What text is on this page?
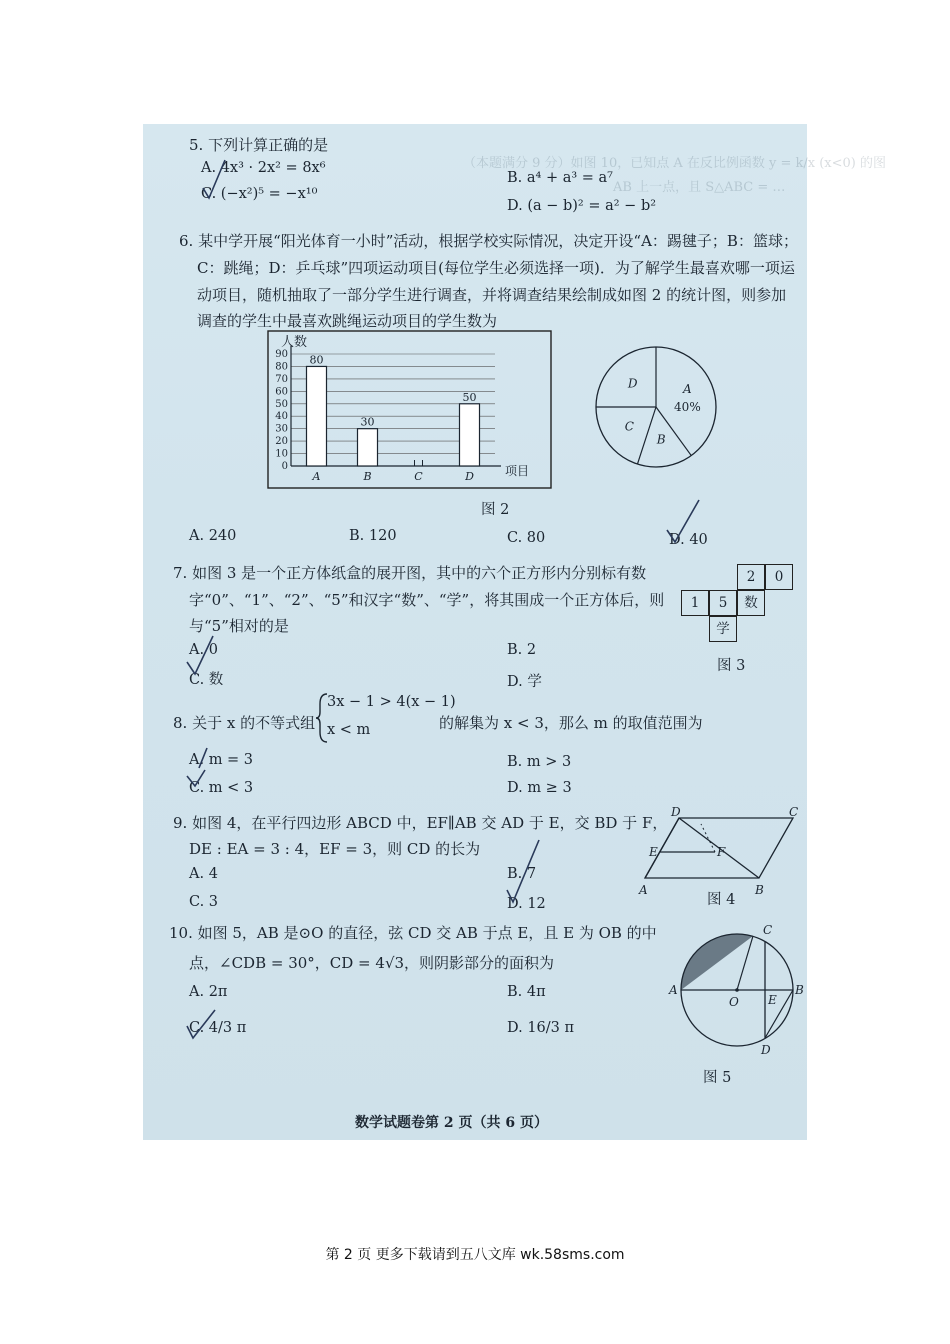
（本题满分 9 分）如图 10，已知点 A 在反比例函数 y = k/x (x<0) 的图
AB 上一点，且 S△ABC = …
5. 下列计算正确的是
A. 4x³ · 2x² = 8x⁶
B. a⁴ + a³ = a⁷
C. (−x²)⁵ = −x¹⁰
D. (a − b)² = a² − b²
6. 某中学开展“阳光体育一小时”活动，根据学校实际情况，决定开设“A：踢毽子；B：篮球；
C：跳绳；D：乒乓球”四项运动项目(每位学生必须选择一项)．为了解学生最喜欢哪一项运
动项目，随机抽取了一部分学生进行调查，并将调查结果绘制成如图 2 的统计图，则参加
调查的学生中最喜欢跳绳运动项目的学生数为
人数
项目
0
10
20
30
40
50
60
70
80
90 80
30
50
A	B	C	D
A
40%
B
C
D
图 2
A. 240	B. 120	C. 80	D. 40
7. 如图 3 是一个正方体纸盒的展开图，其中的六个正方形内分别标有数
字“0”、“1”、“2”、“5”和汉字“数”、“学”，将其围成一个正方体后，则
与“5”相对的是
A. 0	B. 2
C. 数	D. 学
2	0
1	5	数
学
图 3
8. 关于 x 的不等式组
3x − 1 > 4(x − 1)
x < m	的解集为 x < 3，那么 m 的取值范围为
A. m = 3	B. m > 3
C. m < 3	D. m ≥ 3
9. 如图 4，在平行四边形 ABCD 中，EF∥AB 交 AD 于 E，交 BD 于 F，
DE : EA = 3 : 4，EF = 3，则 CD 的长为
A. 4	B. 7
C. 3	D. 12
D	C
E	F
A	B
图 4
10. 如图 5，AB 是⊙O 的直径，弦 CD 交 AB 于点 E，且 E 为 OB 的中
点，∠CDB = 30°，CD = 4√3，则阴影部分的面积为
A. 2π	B. 4π
C. 4/3 π	D. 16/3 π
A	B
C
D
O E
图 5
数学试题卷第 2 页（共 6 页）
第 2 页 更多下载请到五八文库 wk.58sms.com
